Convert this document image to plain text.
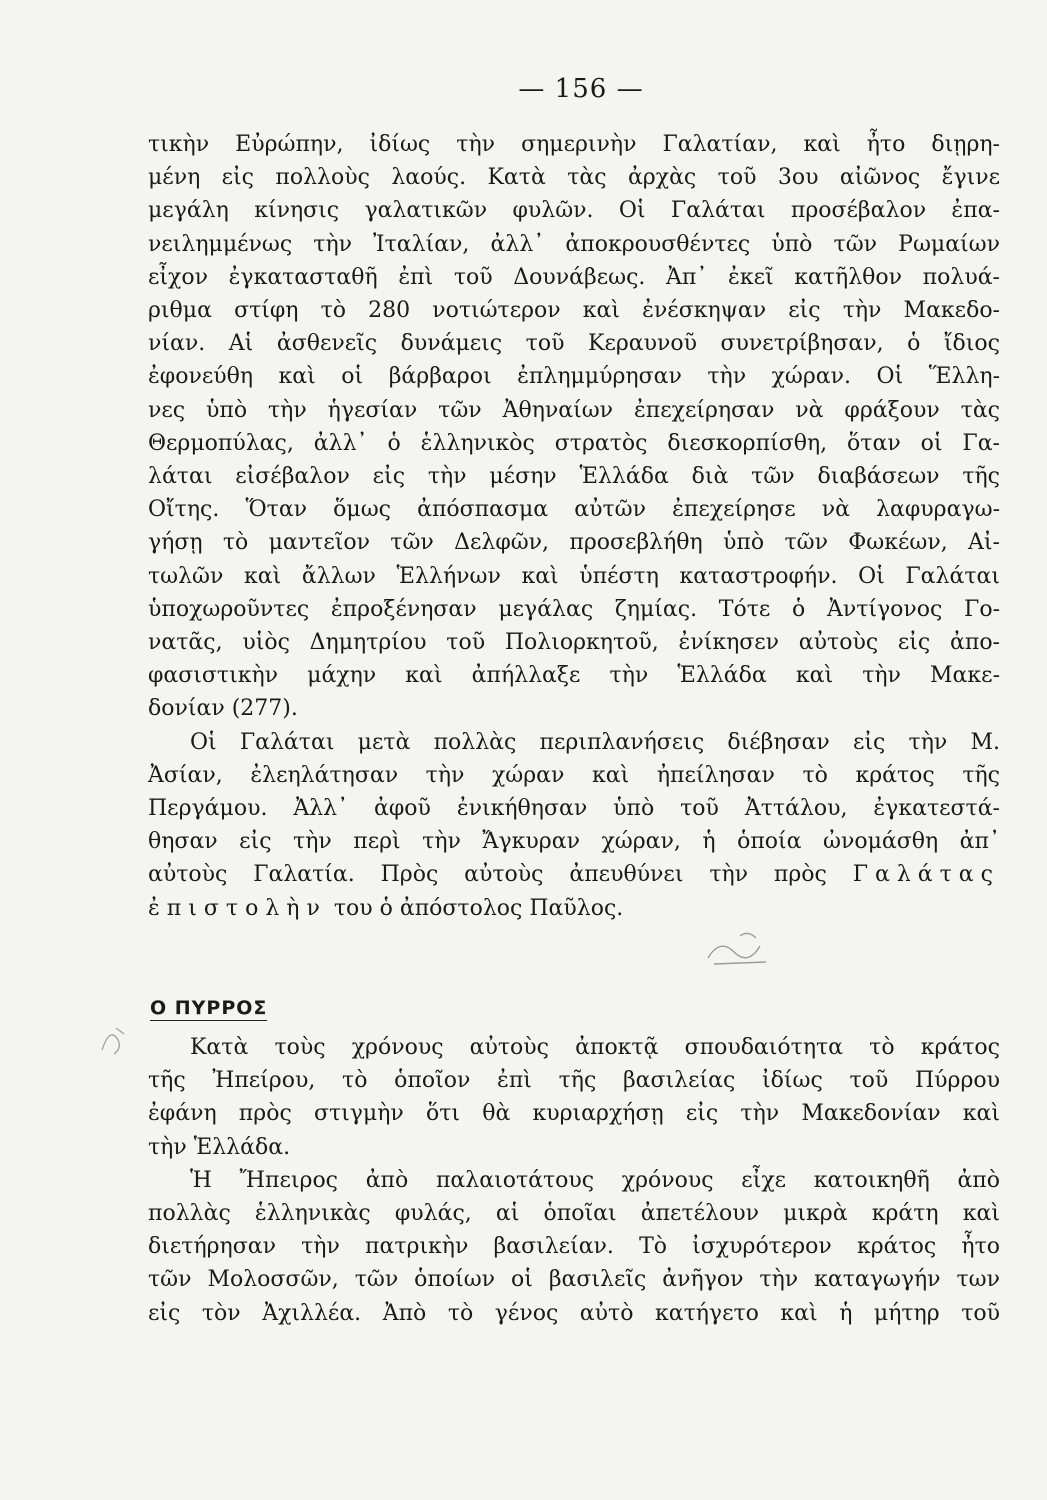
— 156 —
τικὴν Εὐρώπην, ἰδίως τὴν σημερινὴν Γαλατίαν, καὶ ἦτο διῃρη-
μένη εἰς πολλοὺς λαούς. Κατὰ τὰς ἀρχὰς τοῦ 3ου αἰῶνος ἔγινε
μεγάλη κίνησις γαλατικῶν φυλῶν. Οἱ Γαλάται προσέβαλον ἐπα-
νειλημμένως τὴν Ἰταλίαν, ἀλλ᾽ ἀποκρουσθέντες ὑπὸ τῶν Ρωμαίων
εἶχον ἐγκατασταθῆ ἐπὶ τοῦ Δουνάβεως. Ἀπ᾽ ἐκεῖ κατῆλθον πολυά-
ριθμα στίφη τὸ 280 νοτιώτερον καὶ ἐνέσκηψαν εἰς τὴν Μακεδο-
νίαν. Αἱ ἀσθενεῖς δυνάμεις τοῦ Κεραυνοῦ συνετρίβησαν, ὁ ἴδιος
ἐφονεύθη καὶ οἱ βάρβαροι ἐπλημμύρησαν τὴν χώραν. Οἱ Ἕλλη-
νες ὑπὸ τὴν ἡγεσίαν τῶν Ἀθηναίων ἐπεχείρησαν νὰ φράξουν τὰς
Θερμοπύλας, ἀλλ᾽ ὁ ἑλληνικὸς στρατὸς διεσκορπίσθη, ὅταν οἱ Γα-
λάται εἰσέβαλον εἰς τὴν μέσην Ἑλλάδα διὰ τῶν διαβάσεων τῆς
Οἴτης. Ὅταν ὅμως ἀπόσπασμα αὐτῶν ἐπεχείρησε νὰ λαφυραγω-
γήσῃ τὸ μαντεῖον τῶν Δελφῶν, προσεβλήθη ὑπὸ τῶν Φωκέων, Αἰ-
τωλῶν καὶ ἄλλων Ἑλλήνων καὶ ὑπέστη καταστροφήν. Οἱ Γαλάται
ὑποχωροῦντες ἐπροξένησαν μεγάλας ζημίας. Τότε ὁ Ἀντίγονος Γο-
νατᾶς, υἱὸς Δημητρίου τοῦ Πολιορκητοῦ, ἐνίκησεν αὐτοὺς εἰς ἀπο-
φασιστικὴν μάχην καὶ ἀπήλλαξε τὴν Ἑλλάδα καὶ τὴν Μακε-
δονίαν (277).
Οἱ Γαλάται μετὰ πολλὰς περιπλανήσεις διέβησαν εἰς τὴν Μ.
Ἀσίαν, ἐλεηλάτησαν τὴν χώραν καὶ ἠπείλησαν τὸ κράτος τῆς
Περγάμου. Ἀλλ᾽ ἀφοῦ ἐνικήθησαν ὑπὸ τοῦ Ἀττάλου, ἐγκατεστά-
θησαν εἰς τὴν περὶ τὴν Ἄγκυραν χώραν, ἡ ὁποία ὠνομάσθη ἀπ᾽
αὐτοὺς Γαλατία. Πρὸς αὐτοὺς ἀπευθύνει τὴν πρὸς Γαλάτας
ἐπιστολὴν του ὁ ἀπόστολος Παῦλος.
Ο ΠΥΡΡΟΣ
Κατὰ τοὺς χρόνους αὐτοὺς ἀποκτᾷ σπουδαιότητα τὸ κράτος
τῆς Ἠπείρου, τὸ ὁποῖον ἐπὶ τῆς βασιλείας ἰδίως τοῦ Πύρρου
ἐφάνη πρὸς στιγμὴν ὅτι θὰ κυριαρχήσῃ εἰς τὴν Μακεδονίαν καὶ
τὴν Ἑλλάδα.
Ἡ Ἤπειρος ἀπὸ παλαιοτάτους χρόνους εἶχε κατοικηθῆ ἀπὸ
πολλὰς ἑλληνικὰς φυλάς, αἱ ὁποῖαι ἀπετέλουν μικρὰ κράτη καὶ
διετήρησαν τὴν πατρικὴν βασιλείαν. Τὸ ἰσχυρότερον κράτος ἦτο
τῶν Μολοσσῶν, τῶν ὁποίων οἱ βασιλεῖς ἀνῆγον τὴν καταγωγήν των
εἰς τὸν Ἀχιλλέα. Ἀπὸ τὸ γένος αὐτὸ κατήγετο καὶ ἡ μήτηρ τοῦ
